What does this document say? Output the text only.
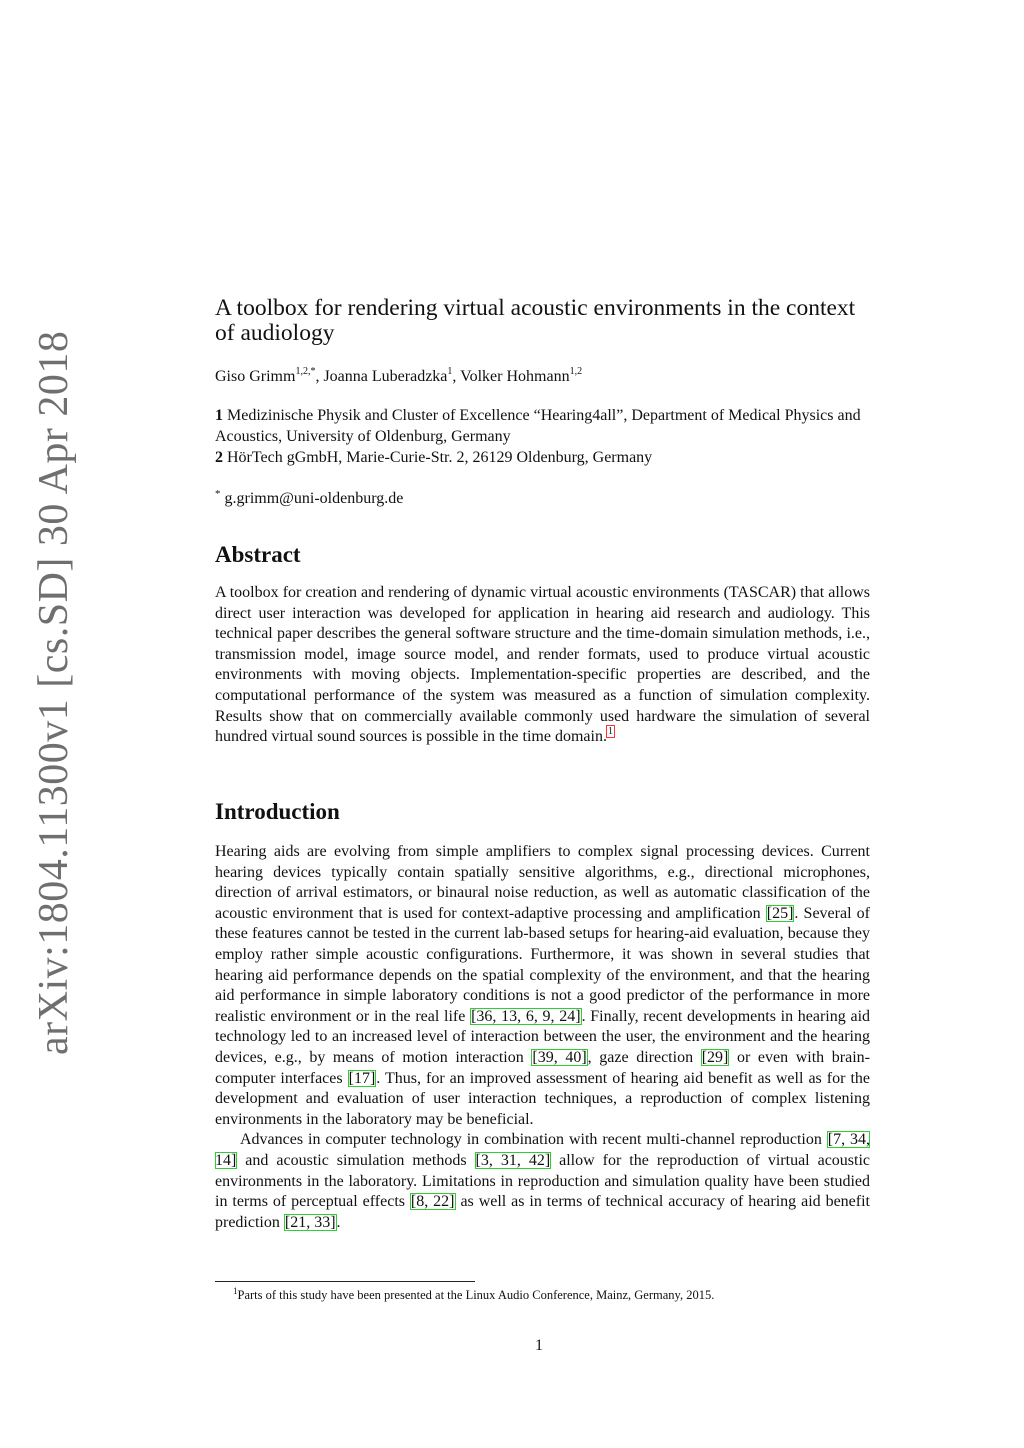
arXiv:1804.11300v1 [cs.SD] 30 Apr 2018
A toolbox for rendering virtual acoustic environments in the context of audiology
Giso Grimm$^{1,2,*}$, Joanna Luberadzka$^1$, Volker Hohmann$^{1,2}$
1 Medizinische Physik and Cluster of Excellence “Hearing4all”, Department of Medical Physics and Acoustics, University of Oldenburg, Germany
2 HörTech gGmbH, Marie-Curie-Str. 2, 26129 Oldenburg, Germany
* g.grimm@uni-oldenburg.de
Abstract

A toolbox for creation and rendering of dynamic virtual acoustic environments (TASCAR) that allows direct user interaction was developed for application in hearing aid research and audiology. This technical paper describes the general software structure and the time-domain simulation methods, i.e., transmission model, image source model, and render formats, used to produce virtual acoustic environments with moving objects. Implementation-specific properties are described, and the computational performance of the system was measured as a function of simulation complexity. Results show that on commercially available commonly used hardware the simulation of several hundred virtual sound sources is possible in the time domain.$^1$

Introduction

Hearing aids are evolving from simple amplifiers to complex signal processing devices. Current hearing devices typically contain spatially sensitive algorithms, e.g., directional microphones, direction of arrival estimators, or binaural noise reduction, as well as automatic classification of the acoustic environment that is used for context-adaptive processing and amplification [25]. Several of these features cannot be tested in the current lab-based setups for hearing-aid evaluation, because they employ rather simple acoustic configurations. Furthermore, it was shown in several studies that hearing aid performance depends on the spatial complexity of the environment, and that the hearing aid performance in simple laboratory conditions is not a good predictor of the performance in more realistic environment or in the real life [36, 13, 6, 9, 24]. Finally, recent developments in hearing aid technology led to an increased level of interaction between the user, the environment and the hearing devices, e.g., by means of motion interaction [39, 40], gaze direction [29] or even with brain-computer interfaces [17]. Thus, for an improved assessment of hearing aid benefit as well as for the development and evaluation of user interaction techniques, a reproduction of complex listening environments in the laboratory may be beneficial.

Advances in computer technology in combination with recent multi-channel reproduction [7, 34, 14] and acoustic simulation methods [3, 31, 42] allow for the reproduction of virtual acoustic environments in the laboratory. Limitations in reproduction and simulation quality have been studied in terms of perceptual effects [8, 22] as well as in terms of technical accuracy of hearing aid benefit prediction [21, 33].

$^1$Parts of this study have been presented at the Linux Audio Conference, Mainz, Germany, 2015.
1
